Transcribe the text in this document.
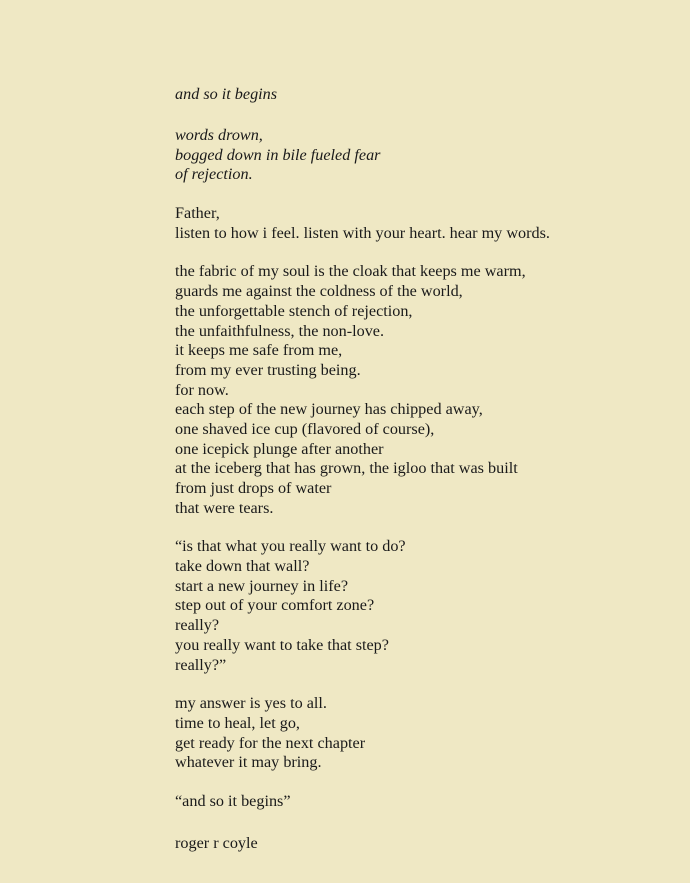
and so it begins

words drown,
bogged down in bile fueled fear
of rejection.
Father,
listen to how i feel. listen with your heart. hear my words.
the fabric of my soul is the cloak that keeps me warm,
guards me against the coldness of the world,
the unforgettable stench of rejection,
the unfaithfulness, the non-love.
it keeps me safe from me,
from my ever trusting being.
for now.
each step of the new journey has chipped away,
one shaved ice cup (flavored of course),
one icepick plunge after another
at the iceberg that has grown, the igloo that was built
from just drops of water
that were tears.
“is that what you really want to do?
take down that wall?
start a new journey in life?
step out of your comfort zone?
really?
you really want to take that step?
really?”
my answer is yes to all.
time to heal, let go,
get ready for the next chapter
whatever it may bring.
“and so it begins”
roger r coyle
